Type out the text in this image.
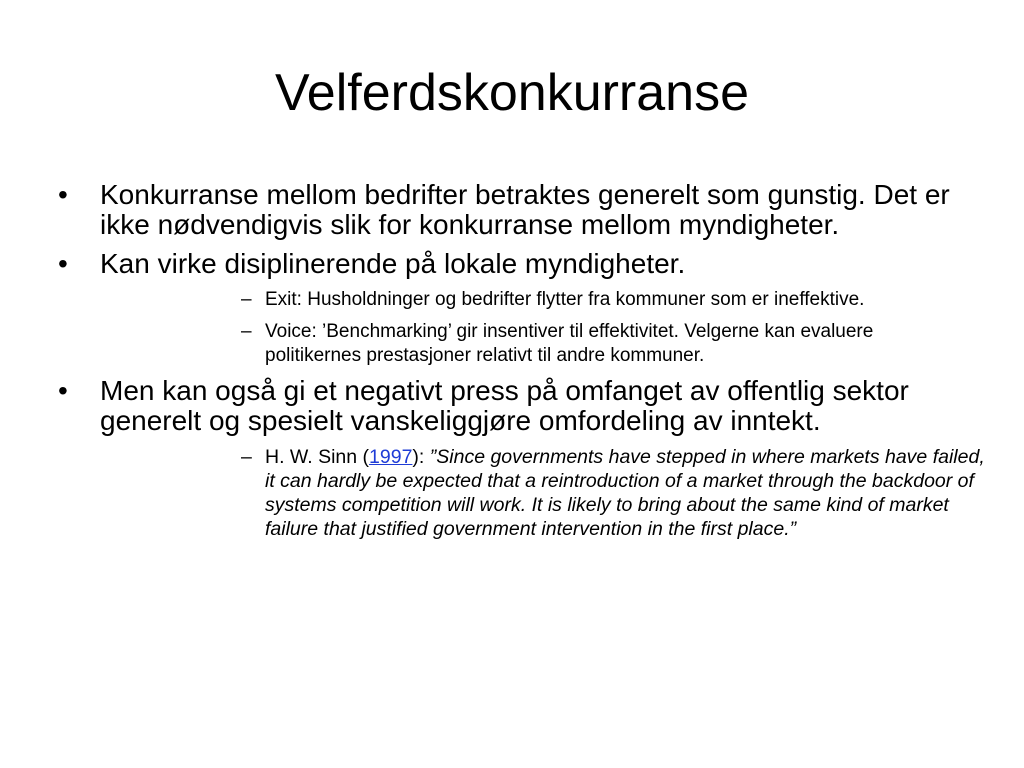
Velferdskonkurranse
•	Konkurranse mellom bedrifter betraktes generelt som gunstig. Det er ikke nødvendigvis slik for konkurranse mellom myndigheter.
•	Kan virke disiplinerende på lokale myndigheter.
– Exit: Husholdninger og bedrifter flytter fra kommuner som er ineffektive.
– Voice: ’Benchmarking’ gir insentiver til effektivitet. Velgerne kan evaluere politikernes prestasjoner relativt til andre kommuner.
•	Men kan også gi et negativt press på omfanget av offentlig sektor generelt og spesielt vanskeliggjøre omfordeling av inntekt.
– H. W. Sinn (1997): ”Since governments have stepped in where markets have failed, it can hardly be expected that a reintroduction of a market through the backdoor of systems competition will work. It is likely to bring about the same kind of market failure that justified government intervention in the first place.”
